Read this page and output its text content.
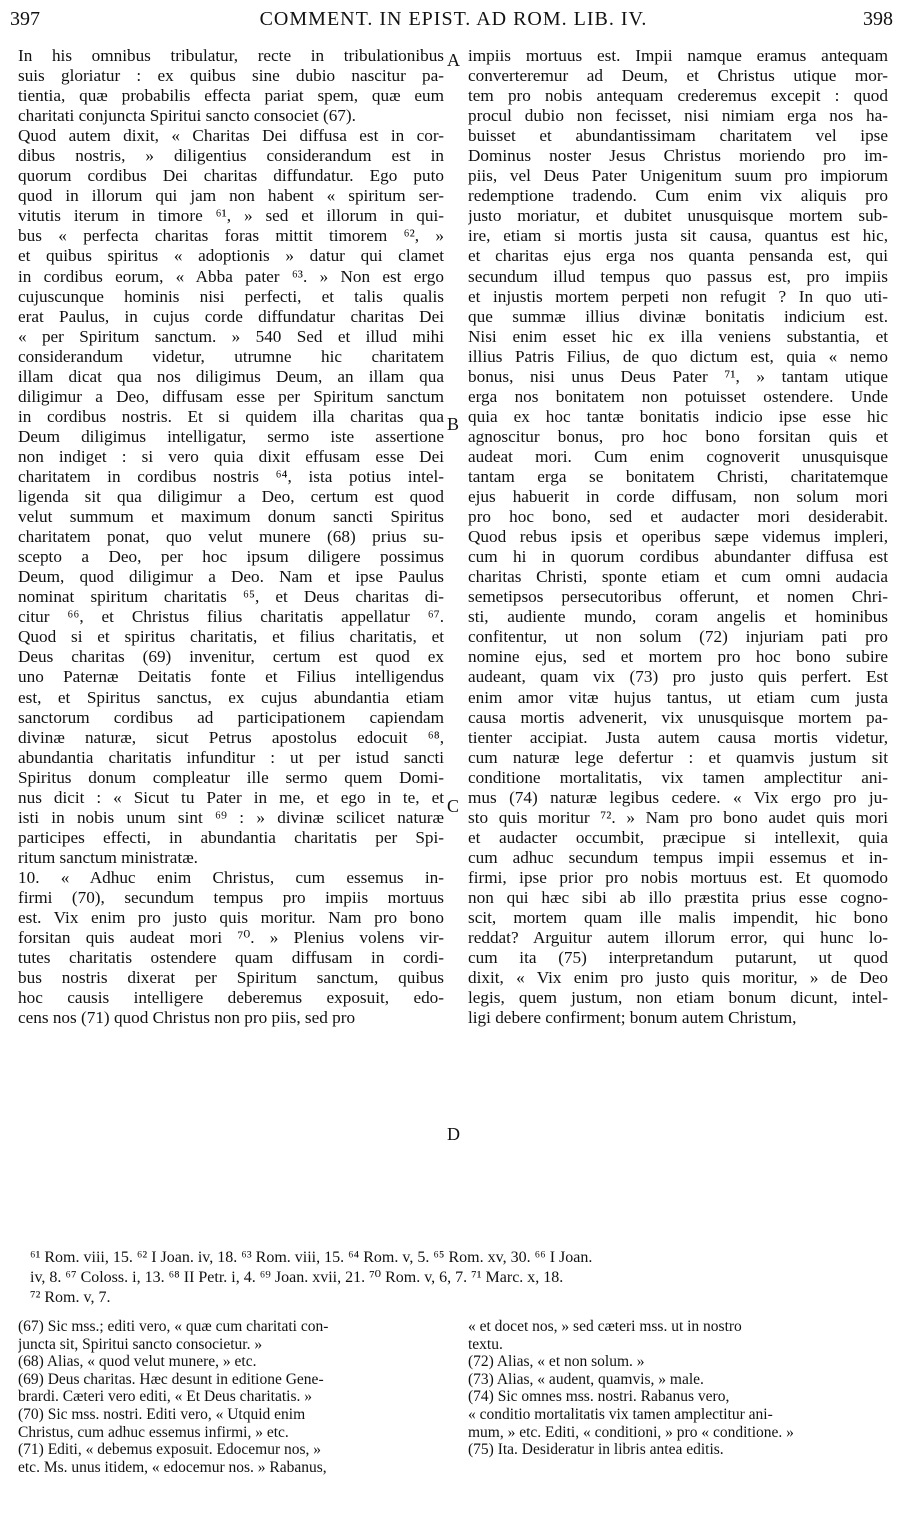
397	COMMENT. IN EPIST. AD ROM. LIB. IV.	398
In his omnibus tribulatur, recte in tribulationibus
suis gloriatur : ex quibus sine dubio nascitur pa-
tientia, quæ probabilis effecta pariat spem, quæ eum
charitati conjuncta Spiritui sancto consociet (67).
Quod autem dixit, « Charitas Dei diffusa est in cor-
dibus nostris, » diligentius considerandum est in
quorum cordibus Dei charitas diffundatur. Ego puto
quod in illorum qui jam non habent « spiritum ser-
vitutis iterum in timore ⁶¹, » sed et illorum in qui-
bus « perfecta charitas foras mittit timorem ⁶², »
et quibus spiritus « adoptionis » datur qui clamet
in cordibus eorum, « Abba pater ⁶³. » Non est ergo
cujuscunque hominis nisi perfecti, et talis qualis
erat Paulus, in cujus corde diffundatur charitas Dei
« per Spiritum sanctum. » 540 Sed et illud mihi
considerandum videtur, utrumne hic charitatem
illam dicat qua nos diligimus Deum, an illam qua
diligimur a Deo, diffusam esse per Spiritum sanctum
in cordibus nostris. Et si quidem illa charitas qua
Deum diligimus intelligatur, sermo iste assertione
non indiget : si vero quia dixit effusam esse Dei
charitatem in cordibus nostris ⁶⁴, ista potius intel-
ligenda sit qua diligimur a Deo, certum est quod
velut summum et maximum donum sancti Spiritus
charitatem ponat, quo velut munere (68) prius su-
scepto a Deo, per hoc ipsum diligere possimus
Deum, quod diligimur a Deo. Nam et ipse Paulus
nominat spiritum charitatis ⁶⁵, et Deus charitas di-
citur ⁶⁶, et Christus filius charitatis appellatur ⁶⁷.
Quod si et spiritus charitatis, et filius charitatis, et
Deus charitas (69) invenitur, certum est quod ex
uno Paternæ Deitatis fonte et Filius intelligendus
est, et Spiritus sanctus, ex cujus abundantia etiam
sanctorum cordibus ad participationem capiendam
divinæ naturæ, sicut Petrus apostolus edocuit ⁶⁸,
abundantia charitatis infunditur : ut per istud sancti
Spiritus donum compleatur ille sermo quem Domi-
nus dicit : « Sicut tu Pater in me, et ego in te, et
isti in nobis unum sint ⁶⁹ : » divinæ scilicet naturæ
participes effecti, in abundantia charitatis per Spi-
ritum sanctum ministratæ.
10. « Adhuc enim Christus, cum essemus in-
firmi (70), secundum tempus pro impiis mortuus
est. Vix enim pro justo quis moritur. Nam pro bono
forsitan quis audeat mori ⁷⁰. » Plenius volens vir-
tutes charitatis ostendere quam diffusam in cordi-
bus nostris dixerat per Spiritum sanctum, quibus
hoc causis intelligere deberemus exposuit, edo-
cens nos (71) quod Christus non pro piis, sed pro
impiis mortuus est. Impii namque eramus antequam
converteremur ad Deum, et Christus utique mor-
tem pro nobis antequam crederemus excepit : quod
procul dubio non fecisset, nisi nimiam erga nos ha-
buisset et abundantissimam charitatem vel ipse
Dominus noster Jesus Christus moriendo pro im-
piis, vel Deus Pater Unigenitum suum pro impiorum
redemptione tradendo. Cum enim vix aliquis pro
justo moriatur, et dubitet unusquisque mortem sub-
ire, etiam si mortis justa sit causa, quantus est hic,
et charitas ejus erga nos quanta pensanda est, qui
secundum illud tempus quo passus est, pro impiis
et injustis mortem perpeti non refugit ? In quo uti-
que summæ illius divinæ bonitatis indicium est.
Nisi enim esset hic ex illa veniens substantia, et
illius Patris Filius, de quo dictum est, quia « nemo
bonus, nisi unus Deus Pater ⁷¹, » tantam utique
erga nos bonitatem non potuisset ostendere. Unde
quia ex hoc tantæ bonitatis indicio ipse esse hic
agnoscitur bonus, pro hoc bono forsitan quis et
audeat mori. Cum enim cognoverit unusquisque
tantam erga se bonitatem Christi, charitatemque
ejus habuerit in corde diffusam, non solum mori
pro hoc bono, sed et audacter mori desiderabit.
Quod rebus ipsis et operibus sæpe videmus impleri,
cum hi in quorum cordibus abundanter diffusa est
charitas Christi, sponte etiam et cum omni audacia
semetipsos persecutoribus offerunt, et nomen Chri-
sti, audiente mundo, coram angelis et hominibus
confitentur, ut non solum (72) injuriam pati pro
nomine ejus, sed et mortem pro hoc bono subire
audeant, quam vix (73) pro justo quis perfert. Est
enim amor vitæ hujus tantus, ut etiam cum justa
causa mortis advenerit, vix unusquisque mortem pa-
tienter accipiat. Justa autem causa mortis videtur,
cum naturæ lege defertur : et quamvis justum sit
conditione mortalitatis, vix tamen amplectitur ani-
mus (74) naturæ legibus cedere. « Vix ergo pro ju-
sto quis moritur ⁷². » Nam pro bono audet quis mori
et audacter occumbit, præcipue si intellexit, quia
cum adhuc secundum tempus impii essemus et in-
firmi, ipse prior pro nobis mortuus est. Et quomodo
non qui hæc sibi ab illo præstita prius esse cogno-
scit, mortem quam ille malis impendit, hic bono
reddat? Arguitur autem illorum error, qui hunc lo-
cum ita (75) interpretandum putarunt, ut quod
dixit, « Vix enim pro justo quis moritur, » de Deo
legis, quem justum, non etiam bonum dicunt, intel-
ligi debere confirment; bonum autem Christum,
A
B
C
D
⁶¹ Rom. viii, 15. ⁶² I Joan. iv, 18. ⁶³ Rom. viii, 15. ⁶⁴ Rom. v, 5. ⁶⁵ Rom. xv, 30. ⁶⁶ I Joan.
iv, 8. ⁶⁷ Coloss. i, 13. ⁶⁸ II Petr. i, 4. ⁶⁹ Joan. xvii, 21. ⁷⁰ Rom. v, 6, 7. ⁷¹ Marc. x, 18.
⁷² Rom. v, 7.
(67) Sic mss.; editi vero, « quæ cum charitati con-
juncta sit, Spiritui sancto consocietur. »
(68) Alias, « quod velut munere, » etc.
(69) Deus charitas. Hæc desunt in editione Gene-
brardi. Cæteri vero editi, « Et Deus charitatis. »
(70) Sic mss. nostri. Editi vero, « Utquid enim
Christus, cum adhuc essemus infirmi, » etc.
(71) Editi, « debemus exposuit. Edocemur nos, »
etc. Ms. unus itidem, « edocemur nos. » Rabanus,
« et docet nos, » sed cæteri mss. ut in nostro
textu.
(72) Alias, « et non solum. »
(73) Alias, « audent, quamvis, » male.
(74) Sic omnes mss. nostri. Rabanus vero,
« conditio mortalitatis vix tamen amplectitur ani-
mum, » etc. Editi, « conditioni, » pro « conditione. »
(75) Ita. Desideratur in libris antea editis.
